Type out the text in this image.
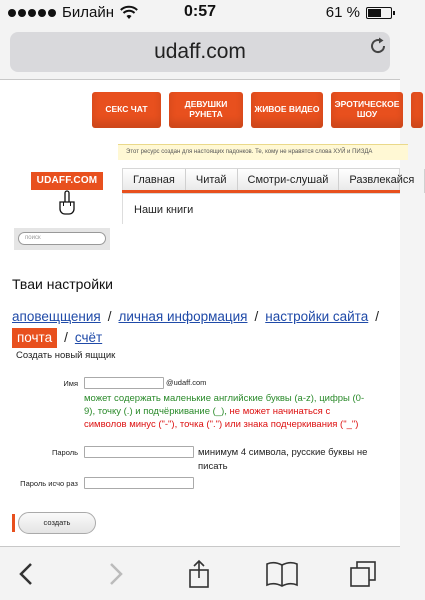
Билайн	0:57	61 %
udaff.com
СЕКС ЧАТ	ДЕВУШКИ РУНЕТА	ЖИВОЕ ВИДЕО	ЭРОТИЧЕСКОЕ ШОУ
Этот ресурс создан для настоящих падонков. Те, кому не нравятся слова ХУЙ и ПИЗДА
UDAFF.COM	Главная	Читай	Смотри-слушай	Развлекайся
Наши книги
поиск
Тваи настройки
аповещщения / личная информация / настройки сайта /
почта / счёт
Создать новый ящщик
Имя	@udaff.com
может содержать маленькие английские буквы (a-z), цифры (0-9), точку (.) и подчёркивание (_), не может начинаться с символов минус ("-"), точка (".") или знака подчеркивания ("_")
Пароль	минимум 4 символа, русские буквы не писать
Пароль исчо раз
создать
